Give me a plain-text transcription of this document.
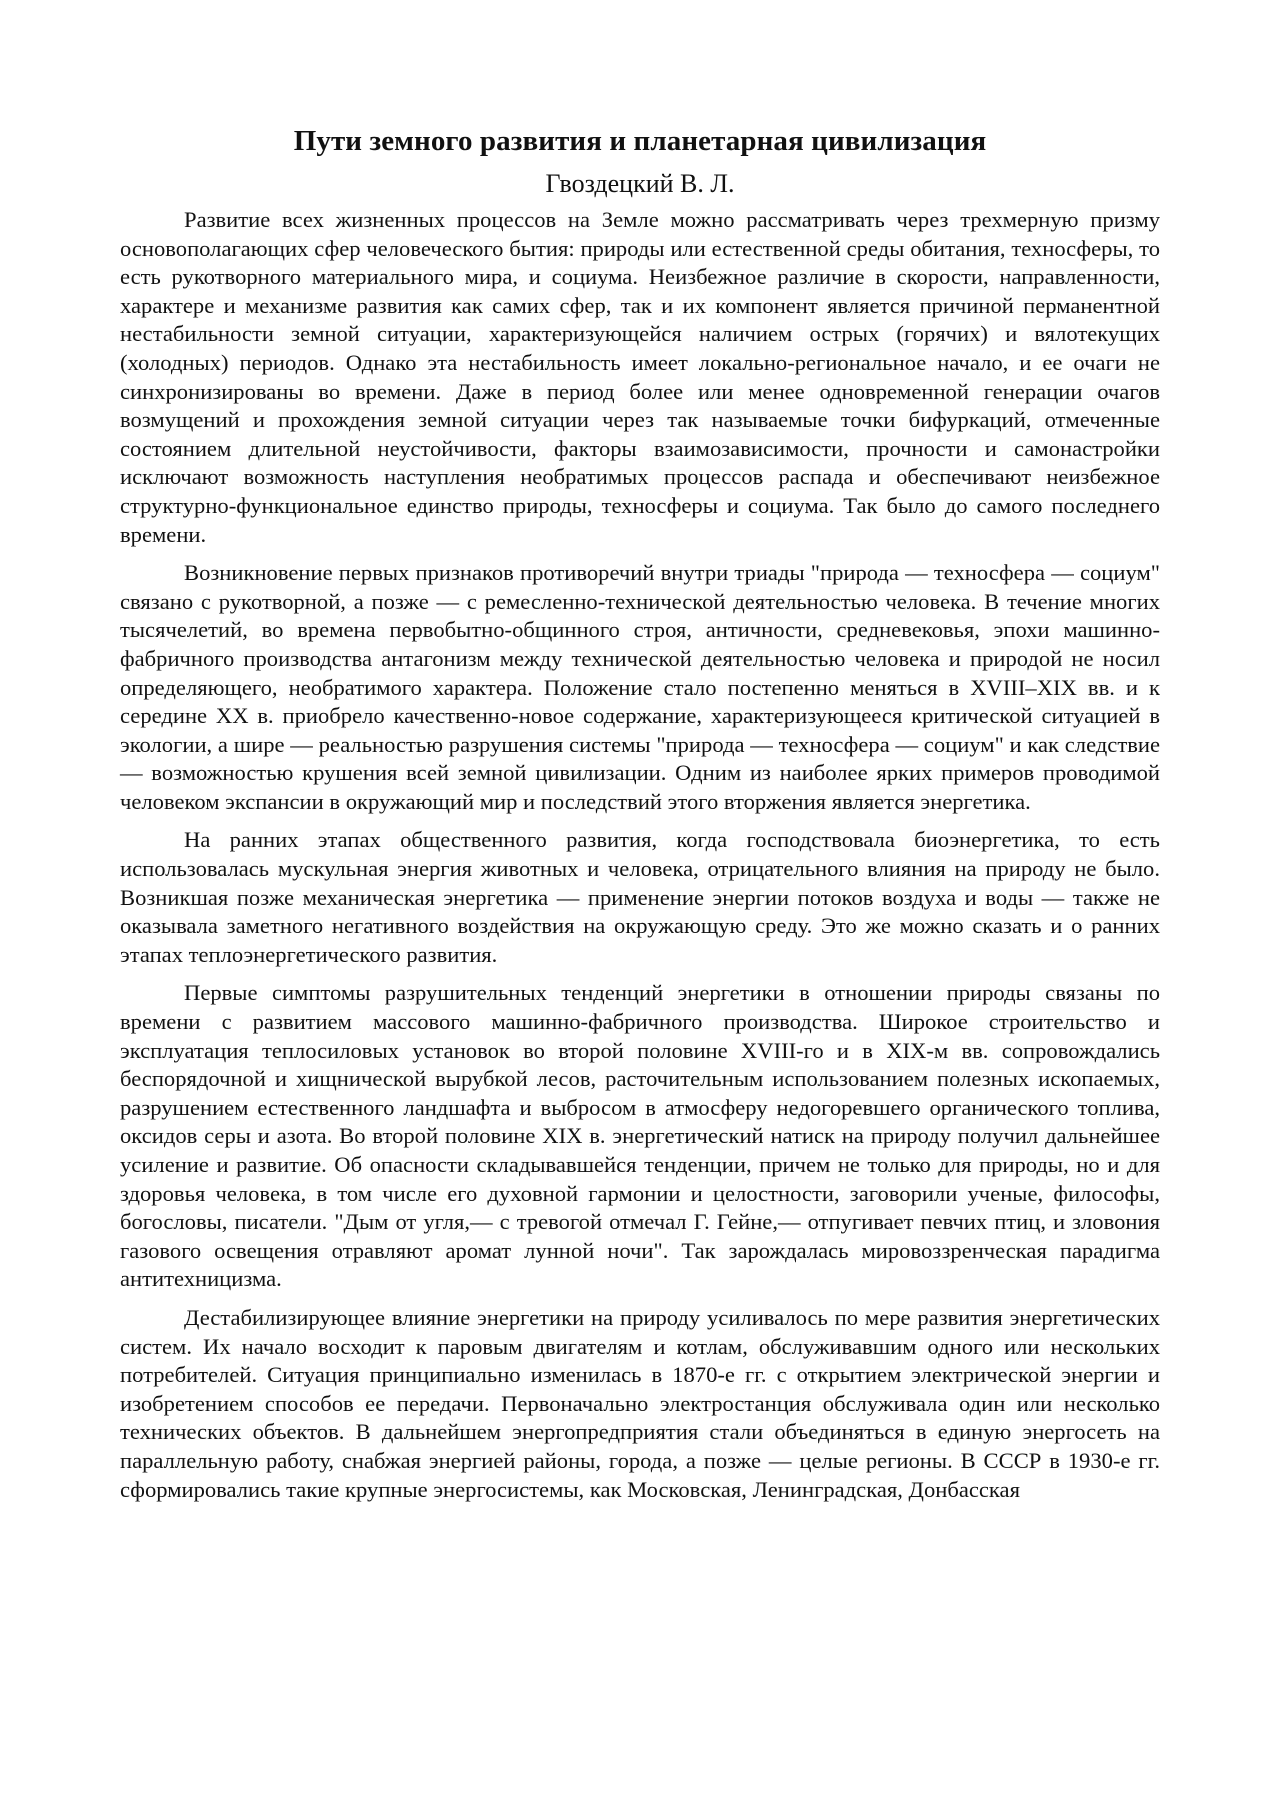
Пути земного развития и планетарная цивилизация
Гвоздецкий В. Л.

Развитие всех жизненных процессов на Земле можно рассматривать через трехмерную призму основополагающих сфер человеческого бытия: природы или естественной среды обитания, техносферы, то есть рукотворного материального мира, и социума. Неизбежное различие в скорости, направленности, характере и механизме развития как самих сфер, так и их компонент является причиной перманентной нестабильности земной ситуации, характеризующейся наличием острых (горячих) и вялотекущих (холодных) периодов. Однако эта нестабильность имеет локально-региональное начало, и ее очаги не синхронизированы во времени. Даже в период более или менее одновременной генерации очагов возмущений и прохождения земной ситуации через так называемые точки бифуркаций, отмеченные состоянием длительной неустойчивости, факторы взаимозависимости, прочности и самонастройки исключают возможность наступления необратимых процессов распада и обеспечивают неизбежное структурно-функциональное единство природы, техносферы и социума. Так было до самого последнего времени.

Возникновение первых признаков противоречий внутри триады "природа — техносфера — социум" связано с рукотворной, а позже — с ремесленно-технической деятельностью человека. В течение многих тысячелетий, во времена первобытно-общинного строя, античности, средневековья, эпохи машинно-фабричного производства антагонизм между технической деятельностью человека и природой не носил определяющего, необратимого характера. Положение стало постепенно меняться в XVIII–XIX вв. и к середине XX в. приобрело качественно-новое содержание, характеризующееся критической ситуацией в экологии, а шире — реальностью разрушения системы "природа — техносфера — социум" и как следствие — возможностью крушения всей земной цивилизации. Одним из наиболее ярких примеров проводимой человеком экспансии в окружающий мир и последствий этого вторжения является энергетика.

На ранних этапах общественного развития, когда господствовала биоэнергетика, то есть использовалась мускульная энергия животных и человека, отрицательного влияния на природу не было. Возникшая позже механическая энергетика — применение энергии потоков воздуха и воды — также не оказывала заметного негативного воздействия на окружающую среду. Это же можно сказать и о ранних этапах теплоэнергетического развития.

Первые симптомы разрушительных тенденций энергетики в отношении природы связаны по времени с развитием массового машинно-фабричного производства. Широкое строительство и эксплуатация теплосиловых установок во второй половине XVIII-го и в XIX-м вв. сопровождались беспорядочной и хищнической вырубкой лесов, расточительным использованием полезных ископаемых, разрушением естественного ландшафта и выбросом в атмосферу недогоревшего органического топлива, оксидов серы и азота. Во второй половине XIX в. энергетический натиск на природу получил дальнейшее усиление и развитие. Об опасности складывавшейся тенденции, причем не только для природы, но и для здоровья человека, в том числе его духовной гармонии и целостности, заговорили ученые, философы, богословы, писатели. "Дым от угля,— с тревогой отмечал Г. Гейне,— отпугивает певчих птиц, и зловония газового освещения отравляют аромат лунной ночи". Так зарождалась мировоззренческая парадигма антитехницизма.

Дестабилизирующее влияние энергетики на природу усиливалось по мере развития энергетических систем. Их начало восходит к паровым двигателям и котлам, обслуживавшим одного или нескольких потребителей. Ситуация принципиально изменилась в 1870-е гг. с открытием электрической энергии и изобретением способов ее передачи. Первоначально электростанция обслуживала один или несколько технических объектов. В дальнейшем энергопредприятия стали объединяться в единую энергосеть на параллельную работу, снабжая энергией районы, города, а позже — целые регионы. В СССР в 1930-е гг. сформировались такие крупные энергосистемы, как Московская, Ленинградская, Донбасская
